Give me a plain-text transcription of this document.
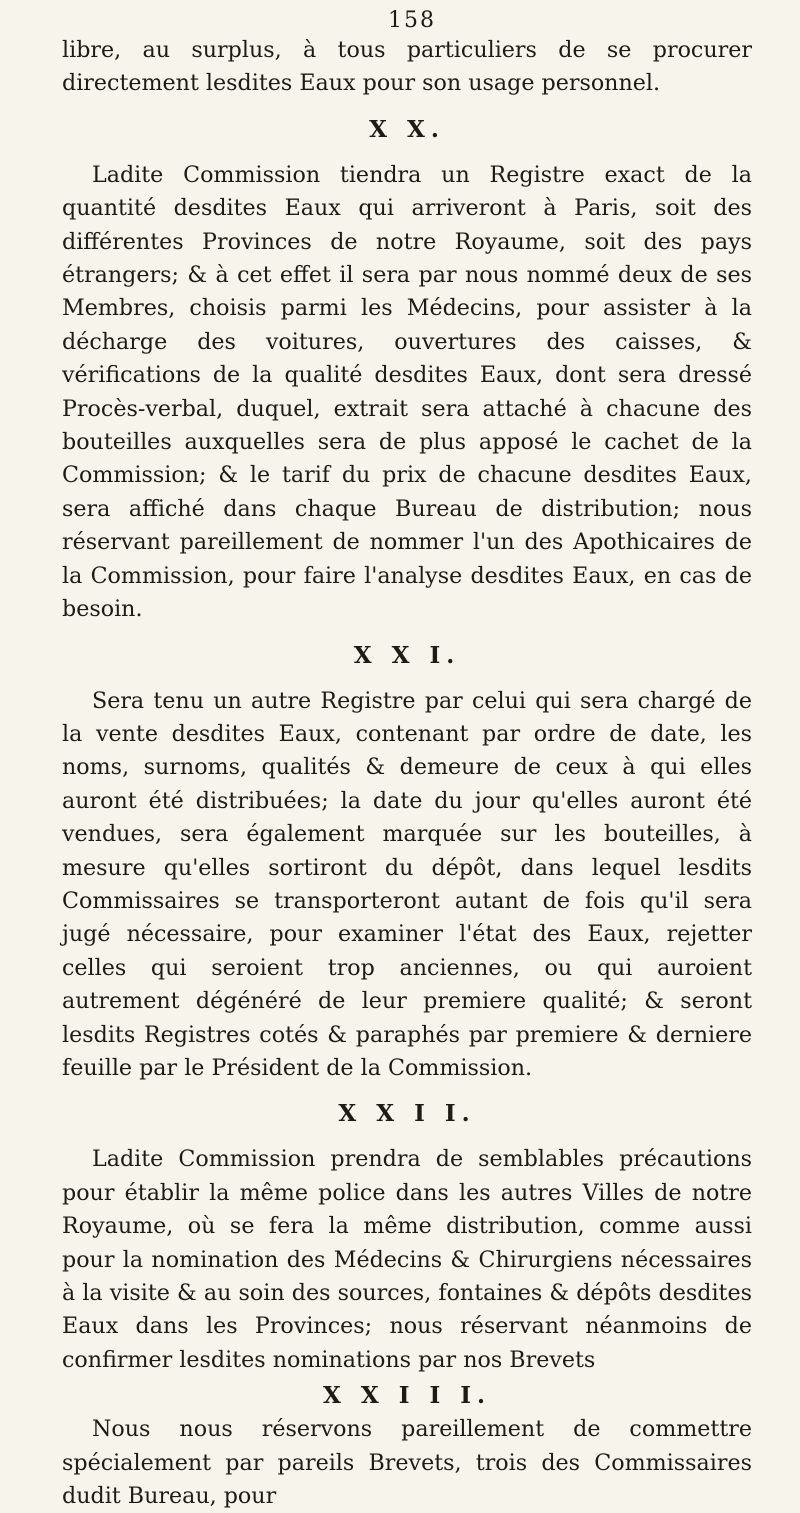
158

libre, au surplus, à tous particuliers de se procurer directement lesdites Eaux pour son usage personnel.

X X.

Ladite Commission tiendra un Registre exact de la quantité desdites Eaux qui arriveront à Paris, soit des différentes Provinces de notre Royaume, soit des pays étrangers; & à cet effet il sera par nous nommé deux de ses Membres, choisis parmi les Médecins, pour assister à la décharge des voitures, ouvertures des caisses, & vérifications de la qualité desdites Eaux, dont sera dressé Procès-verbal, duquel, extrait sera attaché à chacune des bouteilles auxquelles sera de plus apposé le cachet de la Commission; & le tarif du prix de chacune desdites Eaux, sera affiché dans chaque Bureau de distribution; nous réservant pareillement de nommer l'un des Apothicaires de la Commission, pour faire l'analyse desdites Eaux, en cas de besoin.

X X I.

Sera tenu un autre Registre par celui qui sera chargé de la vente desdites Eaux, contenant par ordre de date, les noms, surnoms, qualités & demeure de ceux à qui elles auront été distribuées; la date du jour qu'elles auront été vendues, sera également marquée sur les bouteilles, à mesure qu'elles sortiront du dépôt, dans lequel lesdits Commissaires se transporteront autant de fois qu'il sera jugé nécessaire, pour examiner l'état des Eaux, rejetter celles qui seroient trop anciennes, ou qui auroient autrement dégénéré de leur premiere qualité; & seront lesdits Registres cotés & paraphés par premiere & derniere feuille par le Président de la Commission.

X X I I.

Ladite Commission prendra de semblables précautions pour établir la même police dans les autres Villes de notre Royaume, où se fera la même distribution, comme aussi pour la nomination des Médecins & Chirurgiens nécessaires à la visite & au soin des sources, fontaines & dépôts desdites Eaux dans les Provinces; nous réservant néanmoins de confirmer lesdites nominations par nos Brevets

X X I I I.

Nous nous réservons pareillement de commettre spécialement par pareils Brevets, trois des Commissaires dudit Bureau, pour
